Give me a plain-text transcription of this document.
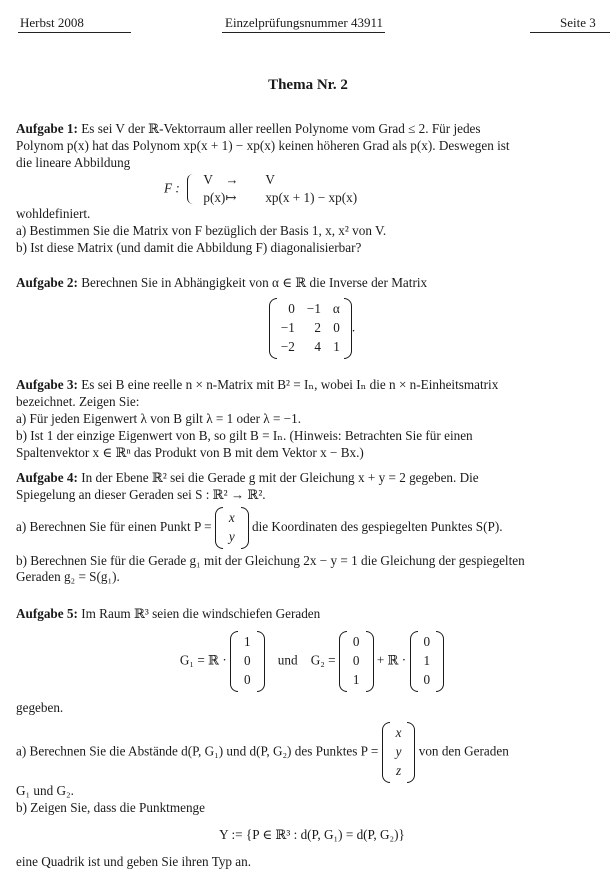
Herbst 2008	Einzelprüfungsnummer 43911	Seite 3
Thema Nr. 2
Aufgabe 1: Es sei V der ℝ-Vektorraum aller reellen Polynome vom Grad ≤ 2. Für jedes
Polynom p(x) hat das Polynom xp(x + 1) − xp(x) keinen höheren Grad als p(x). Deswegen ist
die lineare Abbildung
F :
V →	V
p(x) ↦	xp(x + 1) − xp(x)
wohldefiniert.
a) Bestimmen Sie die Matrix von F bezüglich der Basis 1, x, x² von V.
b) Ist diese Matrix (und damit die Abbildung F) diagonalisierbar?
Aufgabe 2: Berechnen Sie in Abhängigkeit von α ∈ ℝ die Inverse der Matrix
0 −1 α
−1	2 0
−2	4 1
.
Aufgabe 3: Es sei B eine reelle n × n-Matrix mit B² = Iₙ, wobei Iₙ die n × n-Einheitsmatrix
bezeichnet. Zeigen Sie:
a) Für jeden Eigenwert λ von B gilt λ = 1 oder λ = −1.
b) Ist 1 der einzige Eigenwert von B, so gilt B = Iₙ. (Hinweis: Betrachten Sie für einen
Spaltenvektor x ∈ ℝⁿ das Produkt von B mit dem Vektor x − Bx.)
Aufgabe 4: In der Ebene ℝ² sei die Gerade g mit der Gleichung x + y = 2 gegeben. Die
Spiegelung an dieser Geraden sei S : ℝ² → ℝ².
a) Berechnen Sie für einen Punkt P =
x
y
die Koordinaten des gespiegelten Punktes S(P).
b) Berechnen Sie für die Gerade g₁ mit der Gleichung 2x − y = 1 die Gleichung der gespiegelten
Geraden g₂ = S(g₁).
Aufgabe 5: Im Raum ℝ³ seien die windschiefen Geraden
G₁ = ℝ ·
1
0
0
und G₂ =
0
0
1
+ ℝ ·
0
1
0
gegeben.
a) Berechnen Sie die Abstände d(P, G₁) und d(P, G₂) des Punktes P =
x
y
z
von den Geraden
G₁ und G₂.
b) Zeigen Sie, dass die Punktmenge
Y := {P ∈ ℝ³ : d(P, G₁) = d(P, G₂)}
eine Quadrik ist und geben Sie ihren Typ an.
